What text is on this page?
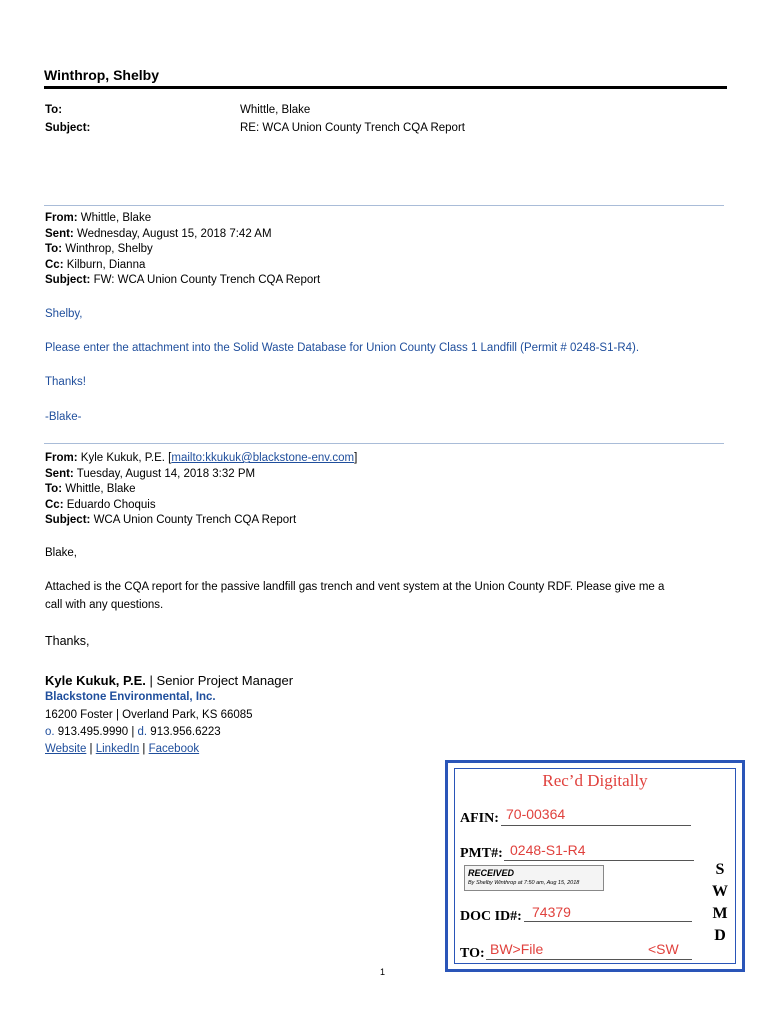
Winthrop, Shelby
To:	Whittle, Blake
Subject:	RE: WCA Union County Trench CQA Report
From: Whittle, Blake
Sent: Wednesday, August 15, 2018 7:42 AM
To: Winthrop, Shelby
Cc: Kilburn, Dianna
Subject: FW: WCA Union County Trench CQA Report
Shelby,
Please enter the attachment into the Solid Waste Database for Union County Class 1 Landfill (Permit # 0248-S1-R4).
Thanks!
-Blake-
From: Kyle Kukuk, P.E. [mailto:kkukuk@blackstone-env.com]
Sent: Tuesday, August 14, 2018 3:32 PM
To: Whittle, Blake
Cc: Eduardo Choquis
Subject: WCA Union County Trench CQA Report
Blake,
Attached is the CQA report for the passive landfill gas trench and vent system at the Union County RDF. Please give me a
call with any questions.
Thanks,
Kyle Kukuk, P.E. | Senior Project Manager
Blackstone Environmental, Inc.
16200 Foster | Overland Park, KS 66085
o. 913.495.9990 | d. 913.956.6223
Website | LinkedIn | Facebook
Rec’d Digitally
AFIN: 70-00364
PMT#: 0248-S1-R4
RECEIVED
By Shelby Winthrop at 7:50 am, Aug 15, 2018
DOC ID#: 74379
TO: BW>File	<SW
S
W
M
D
1
